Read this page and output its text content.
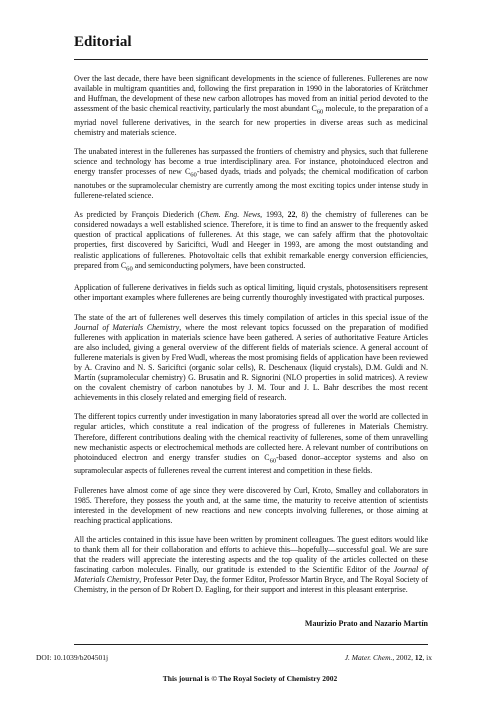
Editorial

Over the last decade, there have been significant developments in the science of fullerenes. Fullerenes are now available in multigram quantities and, following the first preparation in 1990 in the laboratories of Krätchmer and Huffman, the development of these new carbon allotropes has moved from an initial period devoted to the assessment of the basic chemical reactivity, particularly the most abundant $C_{60}$ molecule, to the preparation of a myriad novel fullerene derivatives, in the search for new properties in diverse areas such as medicinal chemistry and materials science.

The unabated interest in the fullerenes has surpassed the frontiers of chemistry and physics, such that fullerene science and technology has become a true interdisciplinary area. For instance, photoinduced electron and energy transfer processes of new $C_{60}$-based dyads, triads and polyads; the chemical modification of carbon nanotubes or the supramolecular chemistry are currently among the most exciting topics under intense study in fullerene-related science.

As predicted by François Diederich (Chem. Eng. News, 1993, 22, 8) the chemistry of fullerenes can be considered nowadays a well established science. Therefore, it is time to find an answer to the frequently asked question of practical applications of fullerenes. At this stage, we can safely affirm that the photovoltaic properties, first discovered by Sariciftci, Wudl and Heeger in 1993, are among the most outstanding and realistic applications of fullerenes. Photovoltaic cells that exhibit remarkable energy conversion efficiencies, prepared from $C_{60}$ and semiconducting polymers, have been constructed.

Application of fullerene derivatives in fields such as optical limiting, liquid crystals, photosensitisers represent other important examples where fullerenes are being currently thouroghly investigated with practical purposes.

The state of the art of fullerenes well deserves this timely compilation of articles in this special issue of the Journal of Materials Chemistry, where the most relevant topics focussed on the preparation of modified fullerenes with application in materials science have been gathered. A series of authoritative Feature Articles are also included, giving a general overview of the different fields of materials science. A general account of fullerene materials is given by Fred Wudl, whereas the most promising fields of application have been reviewed by A. Cravino and N. S. Sariciftci (organic solar cells), R. Deschenaux (liquid crystals), D.M. Guldi and N. Martín (supramolecular chemistry) G. Brusatin and R. Signorini (NLO properties in solid matrices). A review on the covalent chemistry of carbon nanotubes by J. M. Tour and J. L. Bahr describes the most recent achievements in this closely related and emerging field of research.

The different topics currently under investigation in many laboratories spread all over the world are collected in regular articles, which constitute a real indication of the progress of fullerenes in Materials Chemistry. Therefore, different contributions dealing with the chemical reactivity of fullerenes, some of them unravelling new mechanistic aspects or electrochemical methods are collected here. A relevant number of contributions on photoinduced electron and energy transfer studies on $C_{60}$-based donor–acceptor systems and also on supramolecular aspects of fullerenes reveal the current interest and competition in these fields.

Fullerenes have almost come of age since they were discovered by Curl, Kroto, Smalley and collaborators in 1985. Therefore, they possess the youth and, at the same time, the maturity to receive attention of scientists interested in the development of new reactions and new concepts involving fullerenes, or those aiming at reaching practical applications.

All the articles contained in this issue have been written by prominent colleagues. The guest editors would like to thank them all for their collaboration and efforts to achieve this—hopefully—successful goal. We are sure that the readers will appreciate the interesting aspects and the top quality of the articles collected on these fascinating carbon molecules. Finally, our gratitude is extended to the Scientific Editor of the Journal of Materials Chemistry, Professor Peter Day, the former Editor, Professor Martin Bryce, and The Royal Society of Chemistry, in the person of Dr Robert D. Eagling, for their support and interest in this pleasant enterprise.

Maurizio Prato and Nazario Martín
DOI: 10.1039/b204501j	J. Mater. Chem., 2002, 12, ix
This journal is © The Royal Society of Chemistry 2002
